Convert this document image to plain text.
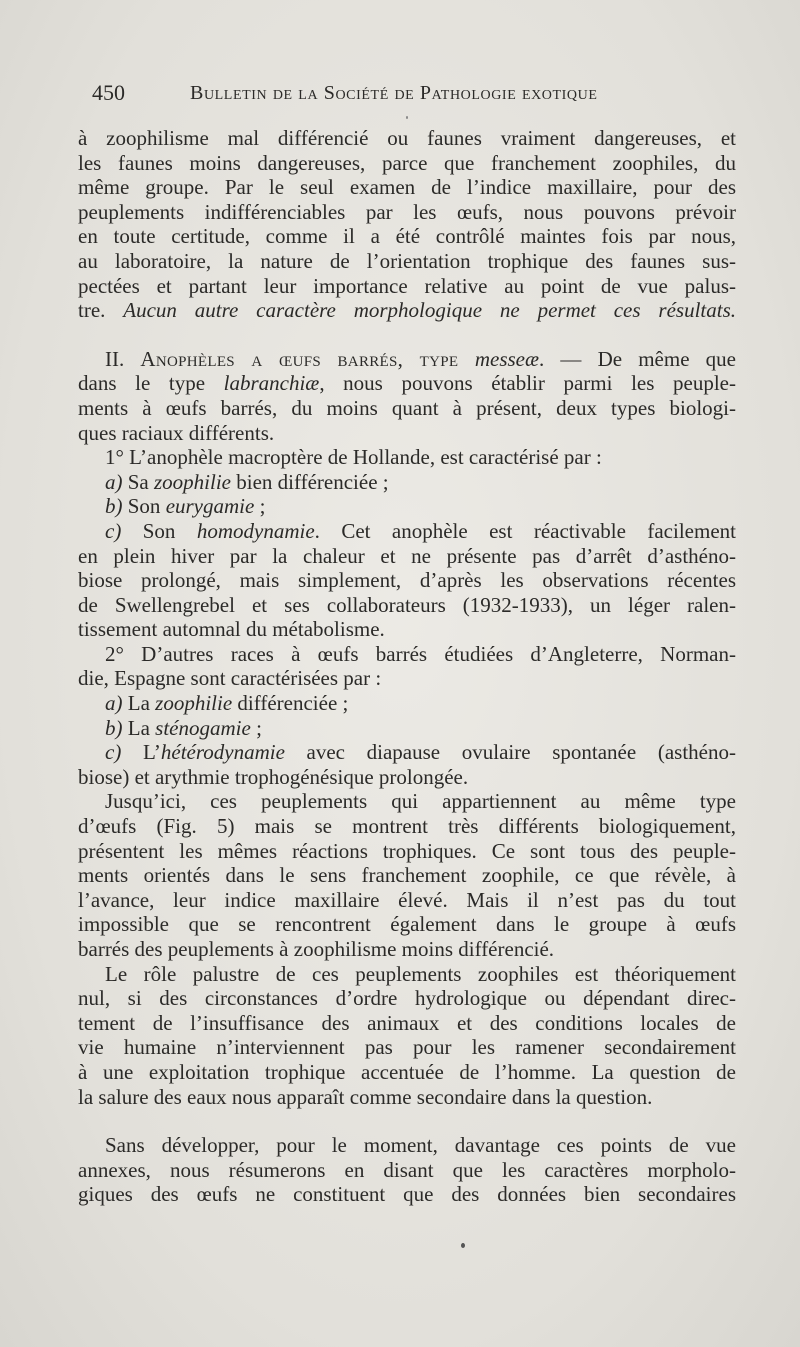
450	Bulletin de la Société de Pathologie exotique

à zoophilisme mal différencié ou faunes vraiment dangereuses, et

les faunes moins dangereuses, parce que franchement zoophiles, du

même groupe. Par le seul examen de l’indice maxillaire, pour des

peuplements indifférenciables par les œufs, nous pouvons prévoir

en toute certitude, comme il a été contrôlé maintes fois par nous,

au laboratoire, la nature de l’orientation trophique des faunes sus-

pectées et partant leur importance relative au point de vue palus-

tre. Aucun autre caractère morphologique ne permet ces résultats.

II. Anophèles a œufs barrés, type messeæ. — De même que

dans le type labranchiæ, nous pouvons établir parmi les peuple-

ments à œufs barrés, du moins quant à présent, deux types biologi-

ques raciaux différents.

1° L’anophèle macroptère de Hollande, est caractérisé par :

a) Sa zoophilie bien différenciée ;

b) Son eurygamie ;

c) Son homodynamie. Cet anophèle est réactivable facilement

en plein hiver par la chaleur et ne présente pas d’arrêt d’asthéno-

biose prolongé, mais simplement, d’après les observations récentes

de Swellengrebel et ses collaborateurs (1932-1933), un léger ralen-

tissement automnal du métabolisme.

2° D’autres races à œufs barrés étudiées d’Angleterre, Norman-

die, Espagne sont caractérisées par :

a) La zoophilie différenciée ;

b) La sténogamie ;

c) L’hétérodynamie avec diapause ovulaire spontanée (asthéno-

biose) et arythmie trophogénésique prolongée.

Jusqu’ici, ces peuplements qui appartiennent au même type

d’œufs (Fig. 5) mais se montrent très différents biologiquement,

présentent les mêmes réactions trophiques. Ce sont tous des peuple-

ments orientés dans le sens franchement zoophile, ce que révèle, à

l’avance, leur indice maxillaire élevé. Mais il n’est pas du tout

impossible que se rencontrent également dans le groupe à œufs

barrés des peuplements à zoophilisme moins différencié.

Le rôle palustre de ces peuplements zoophiles est théoriquement

nul, si des circonstances d’ordre hydrologique ou dépendant direc-

tement de l’insuffisance des animaux et des conditions locales de

vie humaine n’interviennent pas pour les ramener secondairement

à une exploitation trophique accentuée de l’homme. La question de

la salure des eaux nous apparaît comme secondaire dans la question.

Sans développer, pour le moment, davantage ces points de vue

annexes, nous résumerons en disant que les caractères morpholo-

giques des œufs ne constituent que des données bien secondaires
